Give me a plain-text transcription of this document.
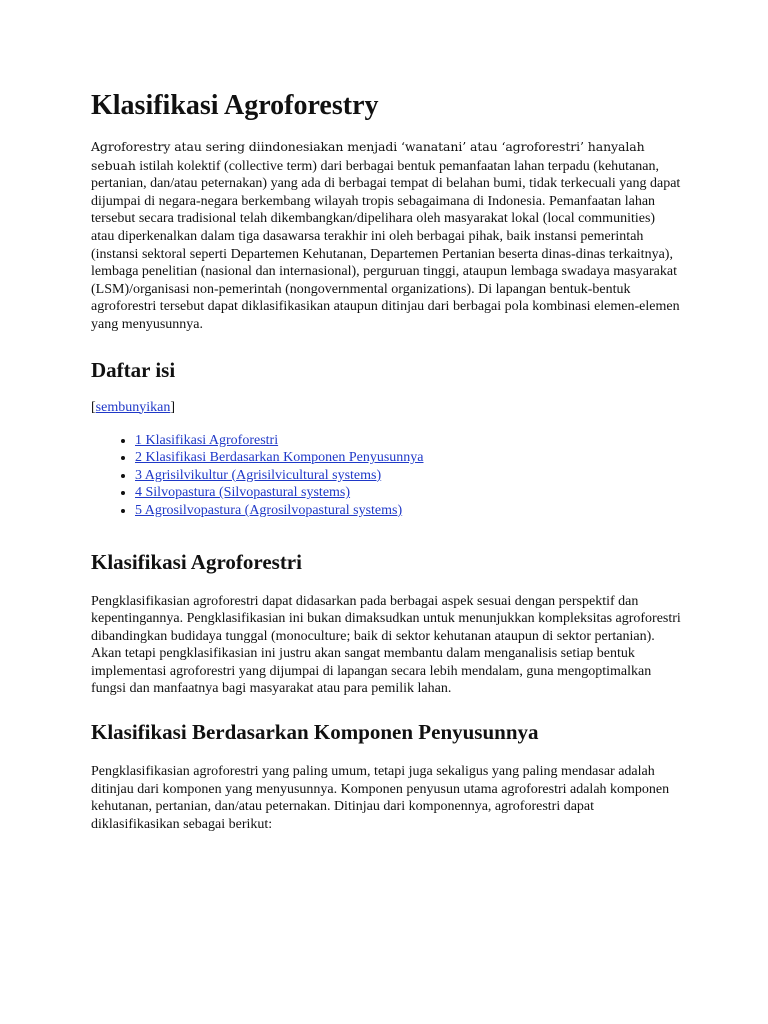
Klasifikasi Agroforestry

Agroforestry atau sering diindonesiakan menjadi ‘wanatani’ atau ‘agroforestri’ hanyalah sebuah istilah kolektif (collective term) dari berbagai bentuk pemanfaatan lahan terpadu (kehutanan, pertanian, dan/atau peternakan) yang ada di berbagai tempat di belahan bumi, tidak terkecuali yang dapat dijumpai di negara-negara berkembang wilayah tropis sebagaimana di Indonesia. Pemanfaatan lahan tersebut secara tradisional telah dikembangkan/dipelihara oleh masyarakat lokal (local communities) atau diperkenalkan dalam tiga dasawarsa terakhir ini oleh berbagai pihak, baik instansi pemerintah (instansi sektoral seperti Departemen Kehutanan, Departemen Pertanian beserta dinas-dinas terkaitnya), lembaga penelitian (nasional dan internasional), perguruan tinggi, ataupun lembaga swadaya masyarakat (LSM)/organisasi non-pemerintah (nongovernmental organizations). Di lapangan bentuk-bentuk agroforestri tersebut dapat diklasifikasikan ataupun ditinjau dari berbagai pola kombinasi elemen-elemen yang menyusunnya.

Daftar isi
[sembunyikan]
• 1 Klasifikasi Agroforestri
• 2 Klasifikasi Berdasarkan Komponen Penyusunnya
• 3 Agrisilvikultur (Agrisilvicultural systems)
• 4 Silvopastura (Silvopastural systems)
• 5 Agrosilvopastura (Agrosilvopastural systems)
Klasifikasi Agroforestri

Pengklasifikasian agroforestri dapat didasarkan pada berbagai aspek sesuai dengan perspektif dan kepentingannya. Pengklasifikasian ini bukan dimaksudkan untuk menunjukkan kompleksitas agroforestri dibandingkan budidaya tunggal (monoculture; baik di sektor kehutanan ataupun di sektor pertanian). Akan tetapi pengklasifikasian ini justru akan sangat membantu dalam menganalisis setiap bentuk implementasi agroforestri yang dijumpai di lapangan secara lebih mendalam, guna mengoptimalkan fungsi dan manfaatnya bagi masyarakat atau para pemilik lahan.

Klasifikasi Berdasarkan Komponen Penyusunnya

Pengklasifikasian agroforestri yang paling umum, tetapi juga sekaligus yang paling mendasar adalah ditinjau dari komponen yang menyusunnya. Komponen penyusun utama agroforestri adalah komponen kehutanan, pertanian, dan/atau peternakan. Ditinjau dari komponennya, agroforestri dapat diklasifikasikan sebagai berikut:
